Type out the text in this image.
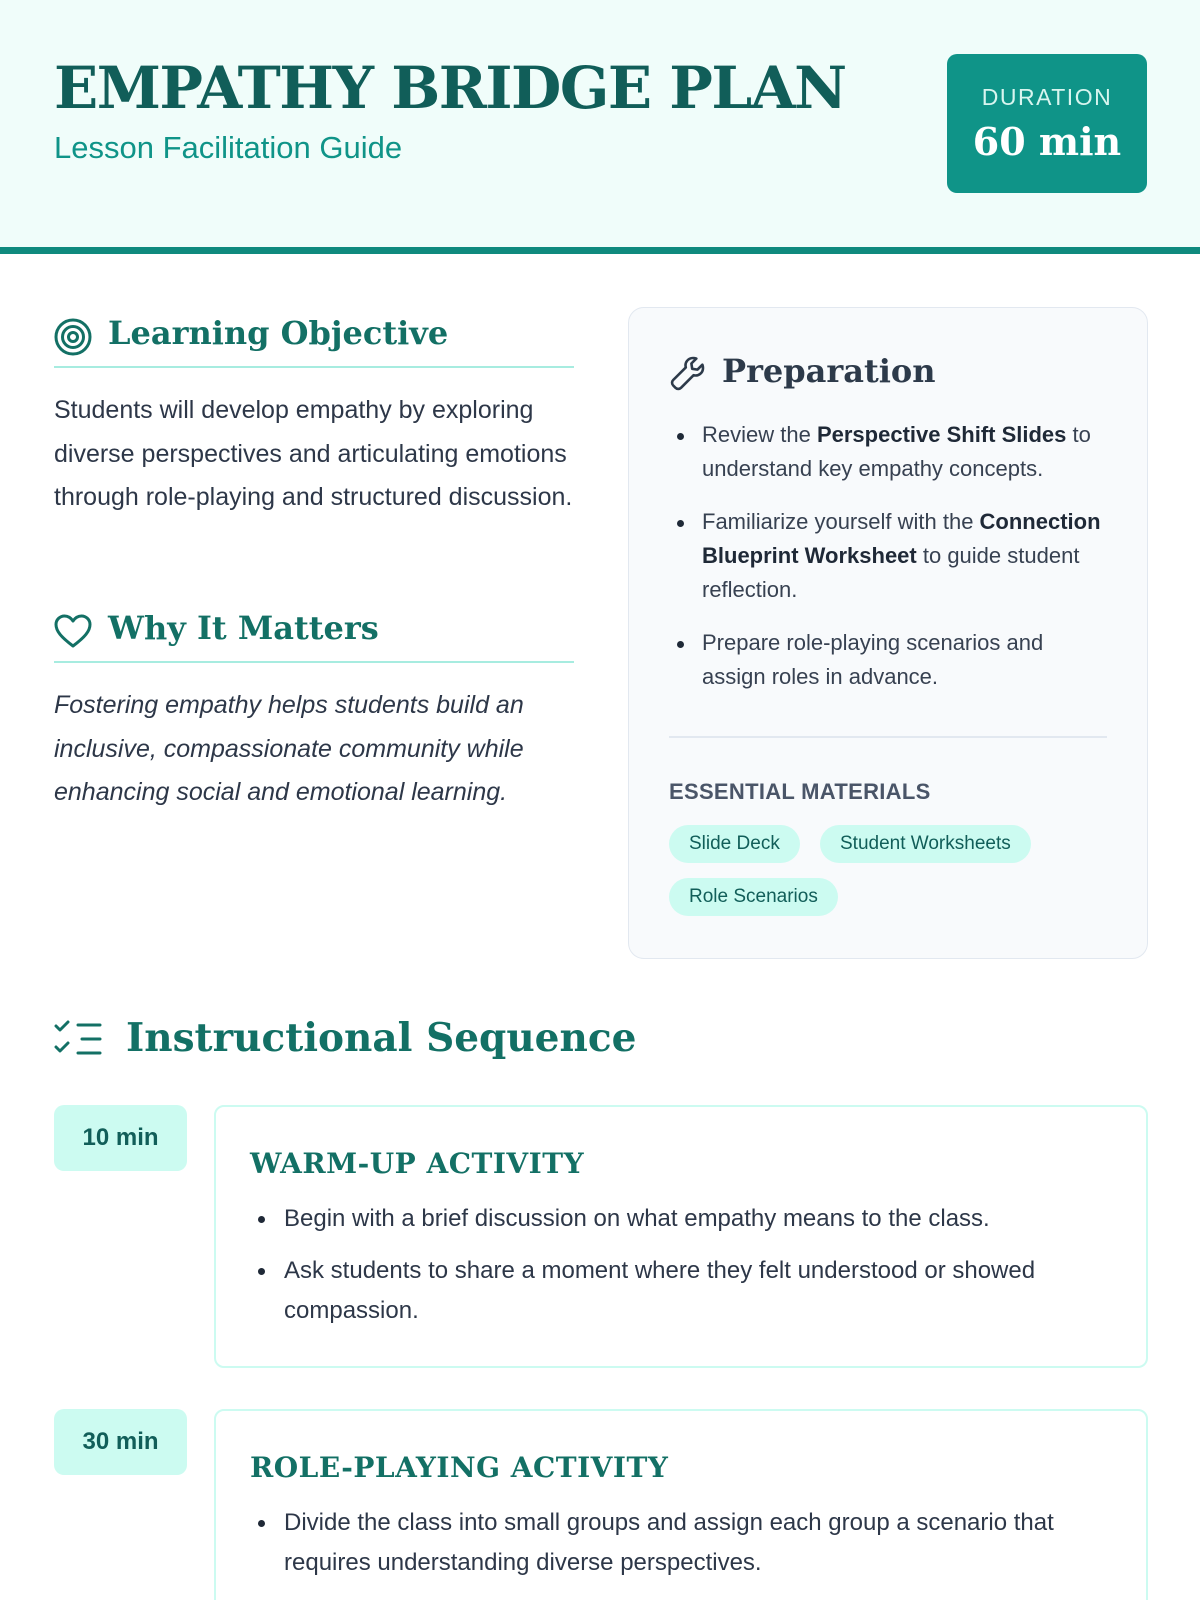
EMPATHY BRIDGE PLAN
Lesson Facilitation Guide
DURATION
60 min
Learning Objective
Students will develop empathy by exploring diverse perspectives and articulating emotions through role-playing and structured discussion.
Why It Matters
Fostering empathy helps students build an inclusive, compassionate community while enhancing social and emotional learning.
Preparation
Review the Perspective Shift Slides to understand key empathy concepts.
Familiarize yourself with the Connection Blueprint Worksheet to guide student reflection.
Prepare role-playing scenarios and assign roles in advance.
ESSENTIAL MATERIALS
Slide Deck	Student Worksheets
Role Scenarios
Instructional Sequence
10 min
WARM-UP ACTIVITY
Begin with a brief discussion on what empathy means to the class.
Ask students to share a moment where they felt understood or showed compassion.
30 min
ROLE-PLAYING ACTIVITY
Divide the class into small groups and assign each group a scenario that requires understanding diverse perspectives.
